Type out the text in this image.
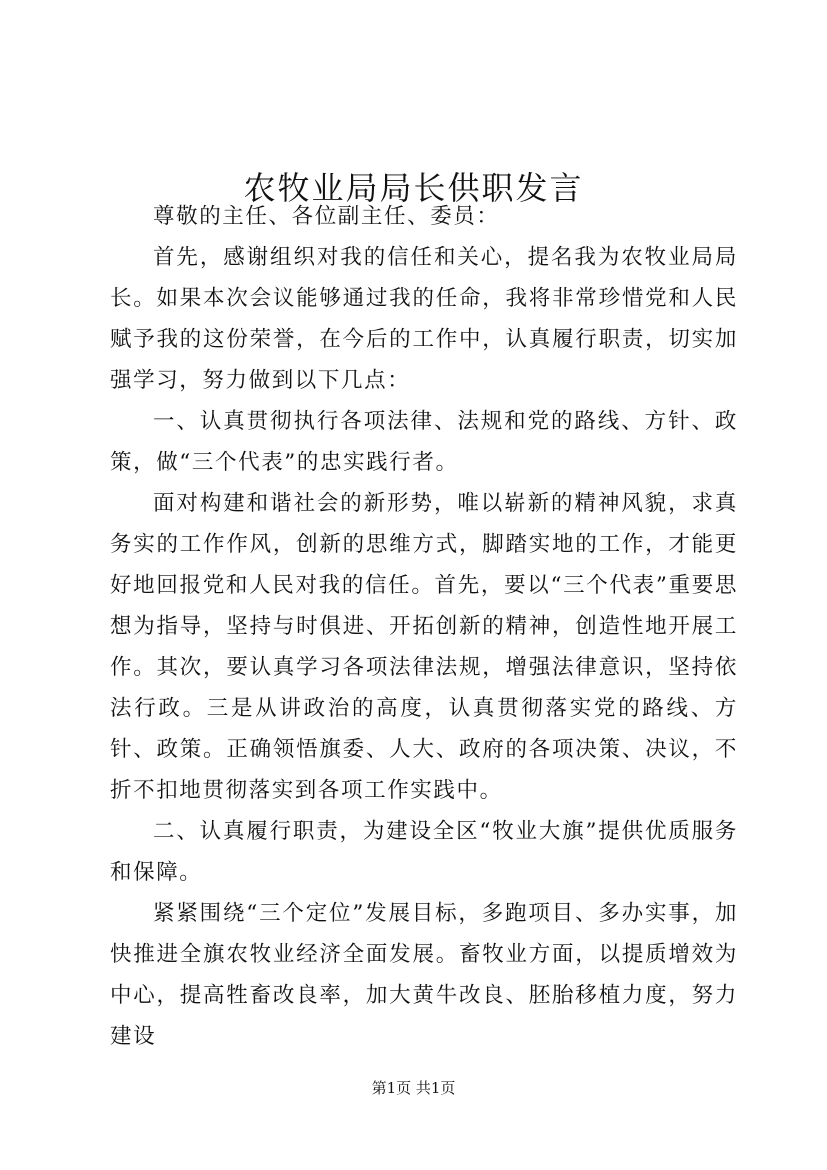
农牧业局局长供职发言

尊敬的主任、各位副主任、委员：

首先，感谢组织对我的信任和关心，提名我为农牧业局局长。如果本次会议能够通过我的任命，我将非常珍惜党和人民赋予我的这份荣誉，在今后的工作中，认真履行职责，切实加强学习，努力做到以下几点：

一、认真贯彻执行各项法律、法规和党的路线、方针、政策，做“三个代表”的忠实践行者。

面对构建和谐社会的新形势，唯以崭新的精神风貌，求真务实的工作作风，创新的思维方式，脚踏实地的工作，才能更好地回报党和人民对我的信任。首先，要以“三个代表”重要思想为指导，坚持与时俱进、开拓创新的精神，创造性地开展工作。其次，要认真学习各项法律法规，增强法律意识，坚持依法行政。三是从讲政治的高度，认真贯彻落实党的路线、方针、政策。正确领悟旗委、人大、政府的各项决策、决议，不折不扣地贯彻落实到各项工作实践中。

二、认真履行职责，为建设全区“牧业大旗”提供优质服务和保障。

紧紧围绕“三个定位”发展目标，多跑项目、多办实事，加快推进全旗农牧业经济全面发展。畜牧业方面，以提质增效为中心，提高牲畜改良率，加大黄牛改良、胚胎移植力度，努力建设

第1页 共1页
